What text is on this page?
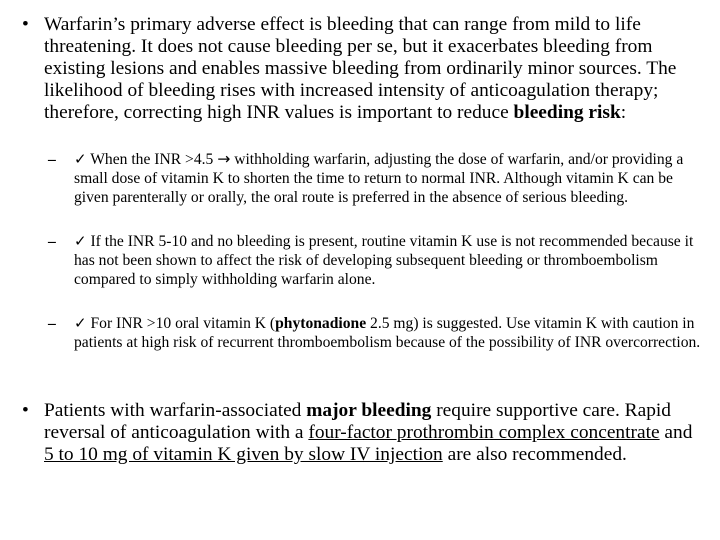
• Warfarin’s primary adverse effect is bleeding that can range from mild to life threatening. It does not cause bleeding per se, but it exacerbates bleeding from existing lesions and enables massive bleeding from ordinarily minor sources. The likelihood of bleeding rises with increased intensity of anticoagulation therapy; therefore, correcting high INR values is important to reduce bleeding risk:
– ✓ When the INR >4.5 → withholding warfarin, adjusting the dose of warfarin, and/or providing a small dose of vitamin K to shorten the time to return to normal INR. Although vitamin K can be given parenterally or orally, the oral route is preferred in the absence of serious bleeding.
– ✓ If the INR 5-10 and no bleeding is present, routine vitamin K use is not recommended because it has not been shown to affect the risk of developing subsequent bleeding or thromboembolism compared to simply withholding warfarin alone.
– ✓ For INR >10 oral vitamin K (phytonadione 2.5 mg) is suggested. Use vitamin K with caution in patients at high risk of recurrent thromboembolism because of the possibility of INR overcorrection.
• Patients with warfarin-associated major bleeding require supportive care. Rapid reversal of anticoagulation with a four-factor prothrombin complex concentrate and 5 to 10 mg of vitamin K given by slow IV injection are also recommended.
